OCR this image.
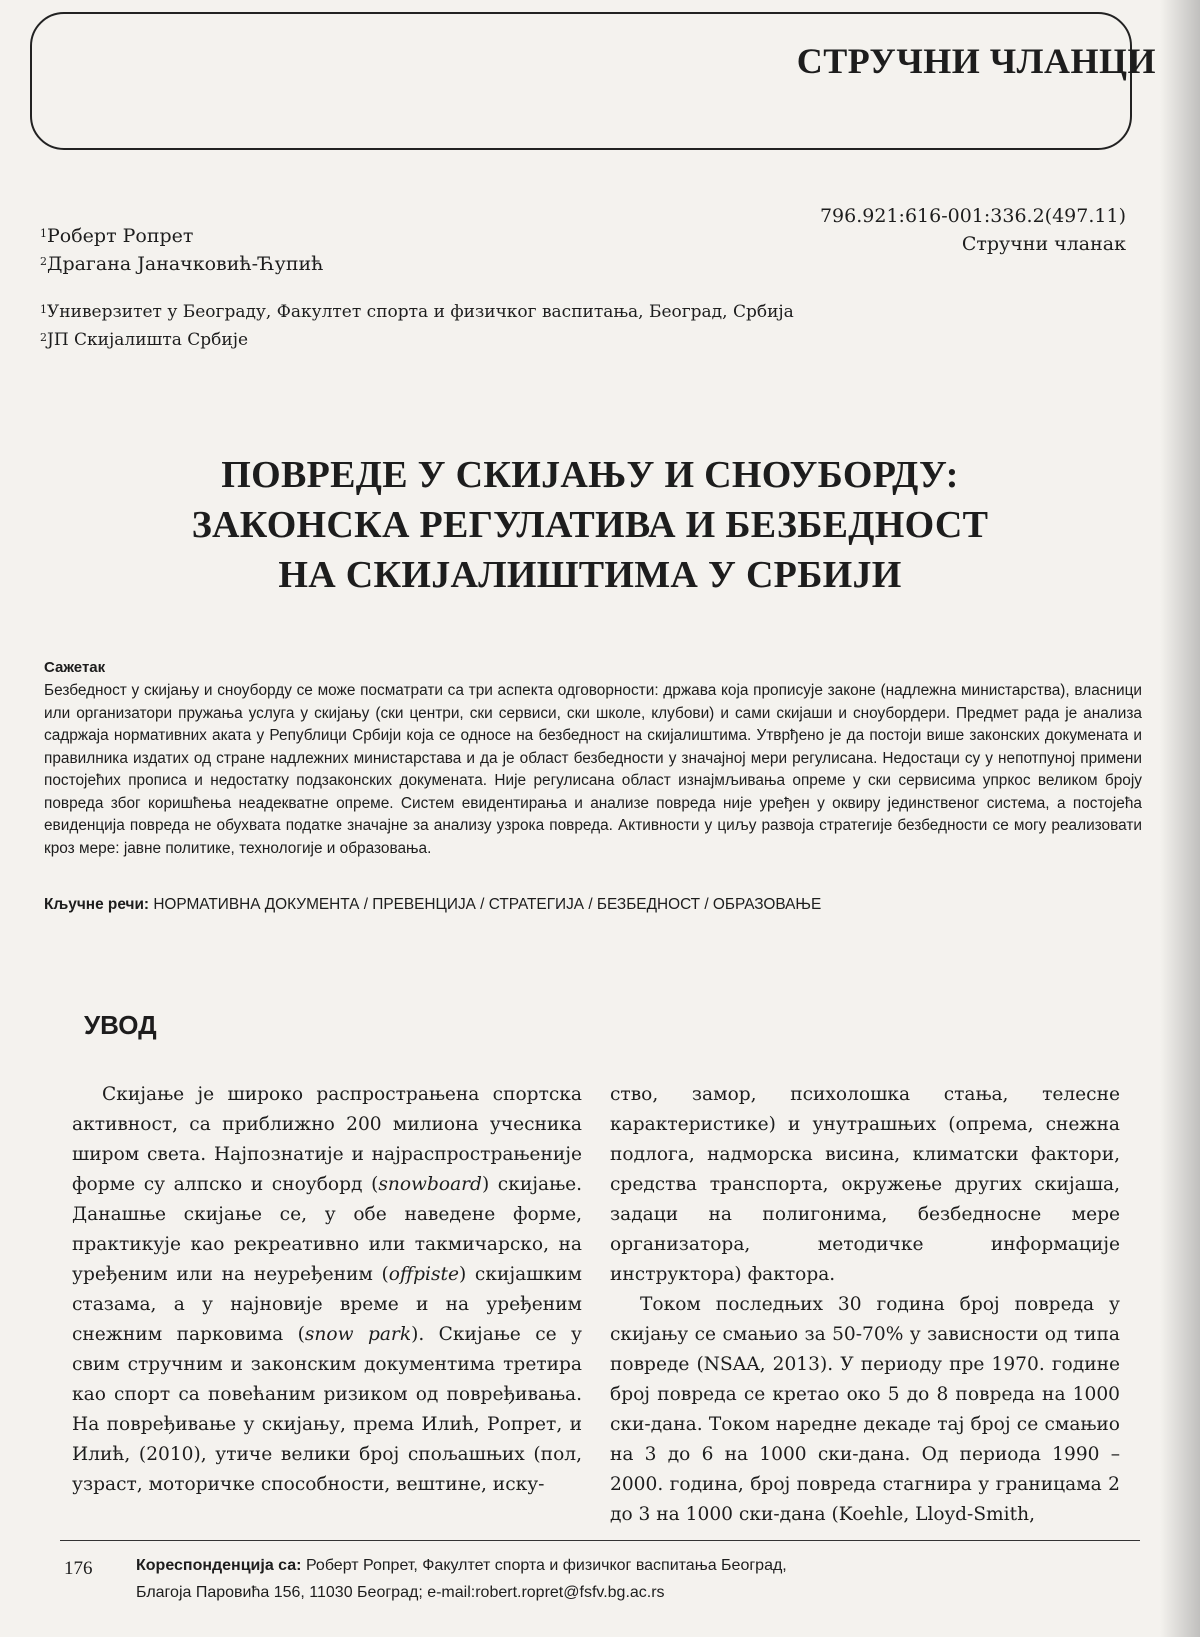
СТРУЧНИ ЧЛАНЦИ
$^1$Роберт Ропрет
$^2$Драгана Јаначковић-Ћупић
796.921:616-001:336.2(497.11)
Стручни чланак
$^1$Универзитет у Београду, Факултет спорта и физичког васпитања, Београд, Србија
$^2$ЈП Скијалишта Србије
ПОВРЕДЕ У СКИЈАЊУ И СНОУБОРДУ:
ЗАКОНСКА РЕГУЛАТИВА И БЕЗБЕДНОСТ
НА СКИЈАЛИШТИМА У СРБИЈИ
Сажетак
Безбедност у скијању и сноуборду се може посматрати са три аспекта одговорности: држава која прописује законе (надлежна министарства), власници или организатори пружања услуга у скијању (ски центри, ски сервиси, ски школе, клубови) и сами скијаши и сноубордери. Предмет рада је анализа садржаја нормативних аката у Републици Србији која се односе на безбедност на скијалиштима. Утврђено је да постоји више законских докумената и правилника издатих од стране надлежних министарстава и да је област безбедности у значајној мери регулисана. Недостаци су у непотпуној примени постојећих прописа и недостатку подзаконских докумената. Није регулисана област изнајмљивања опреме у ски сервисима упркос великом броју повреда због коришћења неадекватне опреме. Систем евидентирања и анализе повреда није уређен у оквиру јединственог система, а постојећа евиденција повреда не обухвата податке значајне за анализу узрока повреда. Активности у циљу развоја стратегије безбедности се могу реализовати кроз мере: јавне политике, технологије и образовања.
Кључне речи: НОРМАТИВНА ДОКУМЕНТА / ПРЕВЕНЦИЈА / СТРАТЕГИЈА / БЕЗБЕДНОСТ / ОБРАЗОВАЊЕ
УВОД

Скијање је широко распрострањена спортска активност, са приближно 200 милиона учесника широм света. Најпознатије и најраспрострањеније форме су алпско и сноуборд (snowboard) скијање. Данашње скијање се, у обе наведене форме, практикује као рекреативно или такмичарско, на уређеним или на неуређеним (offpiste) скијашким стазама, а у најновије време и на уређеним снежним парковима (snow park). Скијање се у свим стручним и законским документима третира као спорт са повећаним ризиком од повређивања. На повређивање у скијању, према Илић, Ропрет, и Илић, (2010), утиче велики број спољашњих (пол, узраст, моторичке способности, вештине, иску-

ство, замор, психолошка стања, телесне карактеристике) и унутрашњих (опрема, снежна подлога, надморска висина, климатски фактори, средства транспорта, окружење других скијаша, задаци на полигонима, безбедносне мере организатора, методичке информације инструктора) фактора.

Током последњих 30 година број повреда у скијању се смањио за 50-70% у зависности од типа повреде (NSAA, 2013). У периоду пре 1970. године број повреда се кретао око 5 до 8 повреда на 1000 ски-дана. Током наредне декаде тај број се смањио на 3 до 6 на 1000 ски-дана. Од периода 1990 – 2000. година, број повреда стагнира у границама 2 до 3 на 1000 ски-дана (Koehle, Lloyd-Smith,

176	Кореспонденција са: Роберт Ропрет, Факултет спорта и физичког васпитања Београд,
Благоја Паровића 156, 11030 Београд; e-mail:robert.ropret@fsfv.bg.ac.rs
